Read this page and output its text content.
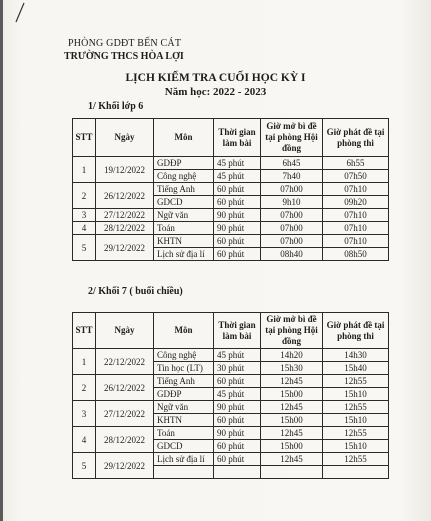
PHÒNG GDĐT BẾN CÁT
TRƯỜNG THCS HÒA LỢI
LỊCH KIỂM TRA CUỐI HỌC KỲ I
Năm học: 2022 - 2023
1/ Khối lớp 6
STT	Ngày	Môn	Thời gian làm bài	Giờ mở bì đề tại phòng Hội đồng	Giờ phát đề tại phòng thi
1	19/12/2022	GDĐP	45 phút	6h45	6h55
		Công nghệ	45 phút	7h40	07h50
2	26/12/2022	Tiếng Anh	60 phút	07h00	07h10
		GDCD	60 phút	9h10	09h20
3	27/12/2022	Ngữ văn	90 phút	07h00	07h10
4	28/12/2022	Toán	90 phút	07h00	07h10
5	29/12/2022	KHTN	60 phút	07h00	07h10
		Lịch sử địa lí	60 phút	08h40	08h50
2/ Khối 7 ( buổi chiều)
STT	Ngày	Môn	Thời gian làm bài	Giờ mở bì đề tại phòng Hội đồng	Giờ phát đề tại phòng thi
1	22/12/2022	Công nghệ	45 phút	14h20	14h30
		Tin học (LT)	30 phút	15h30	15h40
2	26/12/2022	Tiếng Anh	60 phút	12h45	12h55
		GDĐP	45 phút	15h00	15h10
3	27/12/2022	Ngữ văn	90 phút	12h45	12h55
		KHTN	60 phút	15h00	15h10
4	28/12/2022	Toán	90 phút	12h45	12h55
		GDCD	60 phút	15h00	15h10
5	29/12/2022	Lịch sử địa lí	60 phút	12h45	12h55
